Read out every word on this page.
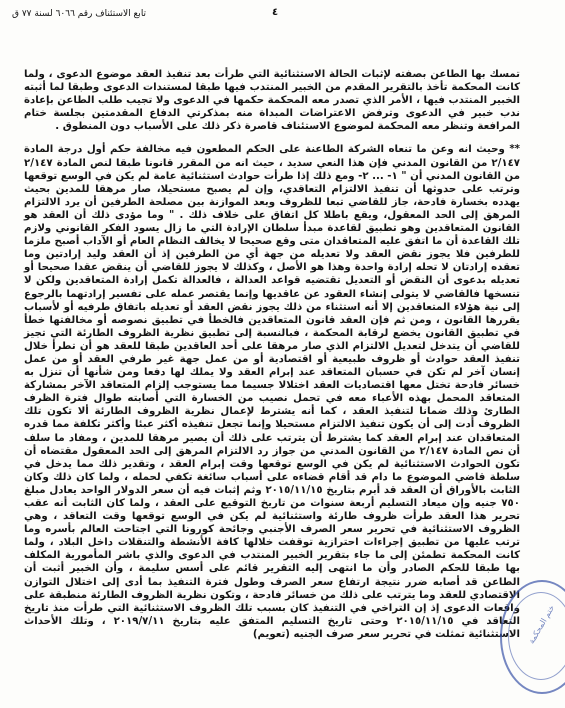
تابع الاستئناف رقم ٦٠٦٦ لسنة ٧٧ ق	٤

تمسك بها الطاعن بصفته لإثبات الحالة الاستثنائية التي طرأت بعد تنفيذ العقد موضوع الدعوى ، ولما كانت المحكمة تأخذ بالتقرير المقدم من الخبير المنتدب فيها طبقا لمستندات الدعوى وطبقا لما أثبته الخبير المنتدب فيها ، الأمر الذي تصدر معه المحكمة حكمها في الدعوى ولا تجيب طلب الطاعن بإعادة ندب خبير في الدعوى وترفض الاعتراضات المبداة منه بمذكرتي الدفاع المقدمتين بجلسة ختام المرافعة وتنظر معه المحكمة لموضوع الاستئناف قاصرة ذكر ذلك على الأسباب دون المنطوق .

** وحيث انه وعن ما تنعاه الشركة الطاعنة على الحكم المطعون فيه مخالفة حكم أول درجة المادة ٢/١٤٧ من القانون المدني فإن هذا النعي سديد ، حيث انه من المقرر قانونا طبقا لنص المادة ٢/١٤٧ من القانون المدني أن " ١- ... ٢- ومع ذلك إذا طرأت حوادث استثنائية عامة لم يكن في الوسع توقعها وترتب على حدوثها أن تنفيذ الالتزام التعاقدي، وإن لم يصبح مستحيلا، صار مرهقا للمدين بحيث يهدده بخسارة فادحة، جاز للقاضي تبعا للظروف وبعد الموازنة بين مصلحة الطرفين أن يرد الالتزام المرهق إلى الحد المعقول، ويقع باطلا كل اتفاق على خلاف ذلك . " وما مؤدى ذلك أن العقد هو القانون المتعاقدين وهو تطبيق لقاعدة مبدأ سلطان الإرادة التي ما زال يسود الفكر القانوني ولازم تلك القاعدة أن ما اتفق عليه المتعاقدان متى وقع صحيحا لا يخالف النظام العام أو الآداب أصبح ملزما للطرفين فلا يجوز نقض العقد ولا تعديله من جهة أي من الطرفين إذ أن العقد وليد إرادتين وما تعقده إرادتان لا تحله إرادة واحدة وهذا هو الأصل ، وكذلك لا يجوز للقاضي أن ينقض عقدا صحيحا أو تعديله بدعوى أن النقض أو التعديل تقتضيه قواعد العدالة ، فالعدالة تكمل إرادة المتعاقدين ولكن لا تنسخها فالقاضي لا يتولى إنشاء العقود عن عاقديها وإنما يقتصر عمله على تفسير إرادتهما بالرجوع إلى نية هؤلاء المتعاقدين إلا أنه استثناء من ذلك يجوز نقض العقد أو تعديله باتفاق طرفيه أو لأسباب يقررها القانون ، ومن ثم فإن العقد قانون المتعاقدين فالخطأ في تطبيق نصوصه أو مخالفتها خطأ في تطبيق القانون يخضع لرقابة المحكمة ، فبالنسبة إلى تطبيق نظرية الظروف الطارئة التي تجيز للقاضي أن يتدخل لتعديل الالتزام الذي صار مرهقا على أحد العاقدين طبقا للعقد هو أن تطرأ خلال تنفيذ العقد حوادث أو ظروف طبيعية أو اقتصادية أو من عمل جهة غير طرفي العقد أو من عمل إنسان آخر لم تكن في حسبان المتعاقد عند إبرام العقد ولا يملك لها دفعا ومن شأنها أن تنزل به خسائر فادحة تختل معها اقتصاديات العقد اختلالا جسيما مما يستوجب إلزام المتعاقد الآخر بمشاركة المتعاقد المحمل بهذه الأعباء معه في تحمل نصيب من الخسارة التي أصابته طوال فترة الظرف الطارئ وذلك ضمانا لتنفيذ العقد ، كما أنه يشترط لإعمال نظرية الظروف الطارئة ألا تكون تلك الظروف أدت إلى أن يكون تنفيذ الالتزام مستحيلا وإنما تجعل تنفيذه أكثر عبئا وأكثر تكلفة مما قدره المتعاقدان عند إبرام العقد كما يشترط أن يترتب على ذلك أن يصير مرهقا للمدين ، ومفاد ما سلف أن نص المادة ٢/١٤٧ من القانون المدني من جواز رد الالتزام المرهق إلى الحد المعقول مقتضاه أن تكون الحوادث الاستثنائية لم يكن في الوسع توقعها وقت إبرام العقد ، وتقدير ذلك مما يدخل في سلطة قاضي الموضوع ما دام قد أقام قضاءه على أسباب سائغة تكفي لحمله ، ولما كان ذلك وكان الثابت بالأوراق أن العقد قد أبرم بتاريخ ٢٠١٥/١١/١٥ وثم إثبات فيه أن سعر الدولار الواحد يعادل مبلغ ٧٥٠ جنيه وإن ميعاد التسليم أربعة سنوات من تاريخ التوقيع على العقد ، ولما كان الثابت أنه عقب تحرير هذا العقد طرأت ظروف طارئة واستثنائية لم يكن في الوسع توقعها وقت التعاقد ، وهي الظروف الاستثنائية في تحرير سعر الصرف الأجنبي وجائحة كورونا التي اجتاحت العالم بأسره وما ترتب عليها من تطبيق إجراءات احترازية توقفت خلالها كافة الأنشطة والتنقلات داخل البلاد ، ولما كانت المحكمة تطمئن إلى ما جاء بتقرير الخبير المنتدب في الدعوى والذي باشر المأمورية المكلف بها طبقا للحكم الصادر وأن ما انتهى إليه التقرير قائم على أسس سليمة ، وأن الخبير أثبت أن الطاعن قد أصابه ضرر نتيجة ارتفاع سعر الصرف وطول فترة التنفيذ بما أدى إلى اختلال التوازن الاقتصادي للعقد وما يترتب على ذلك من خسائر فادحة ، وتكون نظرية الظروف الطارئة منطبقة على واقعات الدعوى إذ إن التراخي في التنفيذ كان بسبب تلك الظروف الاستثنائية التي طرأت منذ تاريخ التعاقد في ٢٠١٥/١١/١٥ وحتى تاريخ التسليم المتفق عليه بتاريخ ٢٠١٩/٧/١١ ، وتلك الأحداث الاستثنائية تمثلت في تحرير سعر صرف الجنيه (تعويم) ختم المحكمة
